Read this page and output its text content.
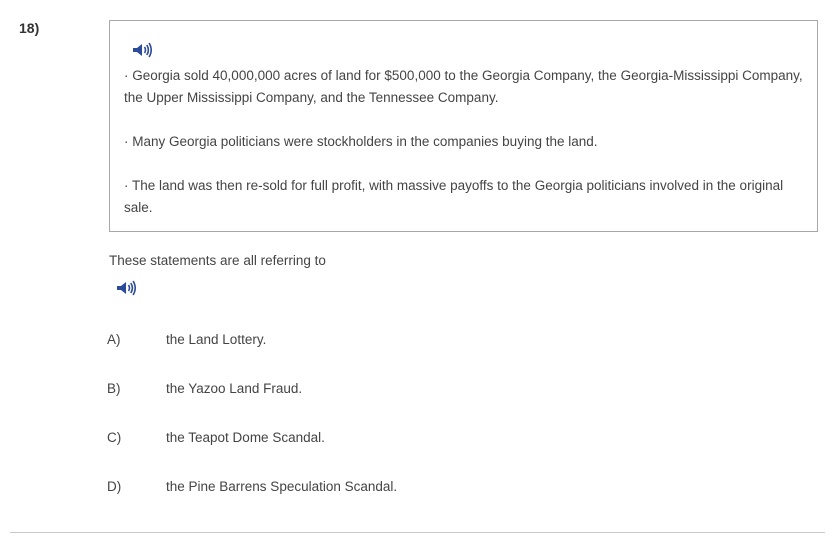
18)

· Georgia sold 40,000,000 acres of land for $500,000 to the Georgia Company, the Georgia-Mississippi Company, the Upper Mississippi Company, and the Tennessee Company.

· Many Georgia politicians were stockholders in the companies buying the land.

· The land was then re-sold for full profit, with massive payoffs to the Georgia politicians involved in the original sale.

These statements are all referring to
A)	the Land Lottery.
B)	the Yazoo Land Fraud.
C)	the Teapot Dome Scandal.
D)	the Pine Barrens Speculation Scandal.
